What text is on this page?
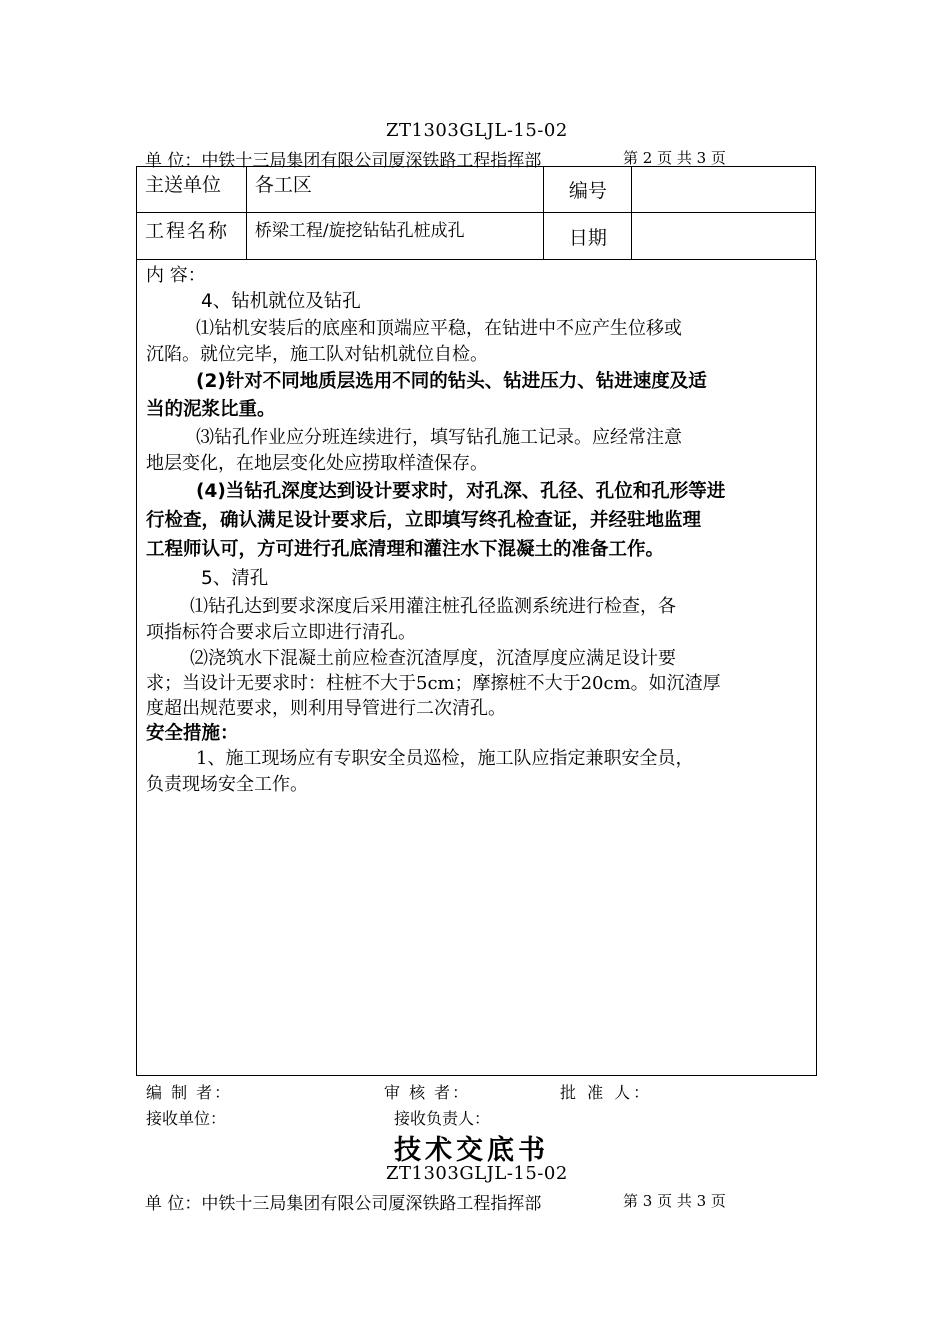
ZT1303GLJL-15-02
单 位：中铁十三局集团有限公司厦深铁路工程指挥部	第 2 页 共 3 页
主送单位	各工区	编号	
工程名称	桥梁工程/旋挖钻钻孔桩成孔	日期	
内 容：
4、钻机就位及钻孔
⑴钻机安装后的底座和顶端应平稳，在钻进中不应产生位移或
沉陷。就位完毕，施工队对钻机就位自检。
(2)针对不同地质层选用不同的钻头、钻进压力、钻进速度及适
当的泥浆比重。
⑶钻孔作业应分班连续进行，填写钻孔施工记录。应经常注意
地层变化，在地层变化处应捞取样渣保存。
(4)当钻孔深度达到设计要求时，对孔深、孔径、孔位和孔形等进
行检查，确认满足设计要求后，立即填写终孔检查证，并经驻地监理
工程师认可，方可进行孔底清理和灌注水下混凝土的准备工作。
5、清孔
⑴钻孔达到要求深度后采用灌注桩孔径监测系统进行检查，各
项指标符合要求后立即进行清孔。
⑵浇筑水下混凝土前应检查沉渣厚度，沉渣厚度应满足设计要
求；当设计无要求时：柱桩不大于5cm；摩擦桩不大于20cm。如沉渣厚
度超出规范要求，则利用导管进行二次清孔。
安全措施：
1、施工现场应有专职安全员巡检，施工队应指定兼职安全员，
负责现场安全工作。
编 制 者：	审 核 者：	批 准 人：
接收单位：	接收负责人：
技术交底书
ZT1303GLJL-15-02
单 位：中铁十三局集团有限公司厦深铁路工程指挥部	第 3 页 共 3 页
